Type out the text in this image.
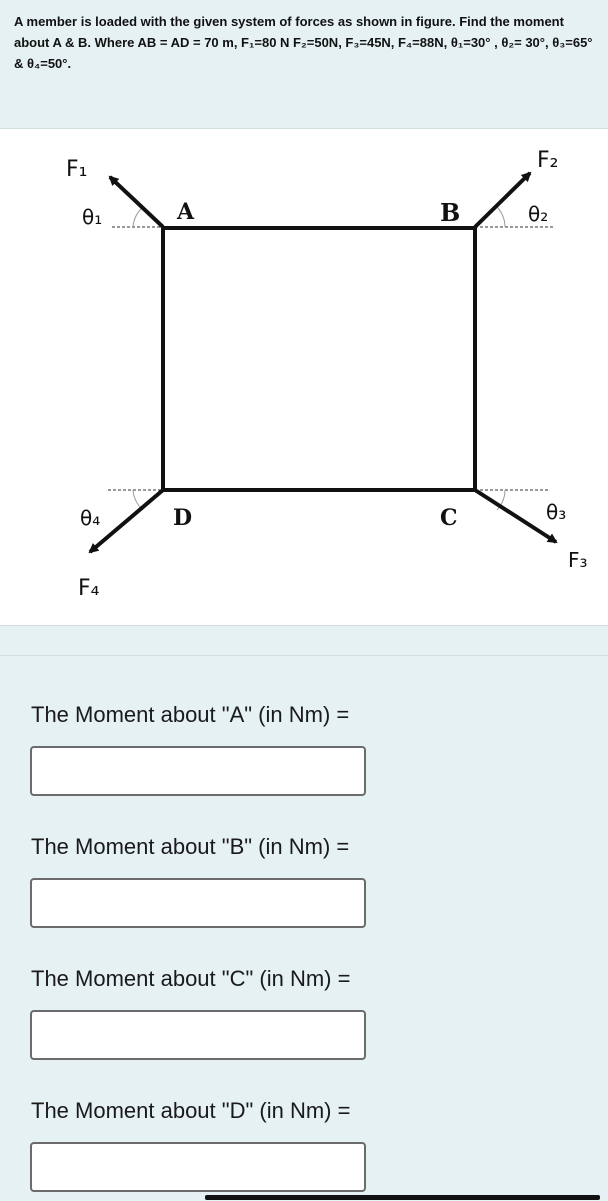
A member is loaded with the given system of forces as shown in figure. Find the moment about A & B. Where AB = AD = 70 m, F₁=80 N F₂=50N, F₃=45N, F₄=88N, θ₁=30° , θ₂= 30°, θ₃=65° & θ₄=50°.

F₁	F₂
F₃
F₄
θ₁	θ₂
θ₃
θ₄
A	B
C
D
The Moment about "A" (in Nm) =
The Moment about "B" (in Nm) =
The Moment about "C" (in Nm) =
The Moment about "D" (in Nm) =
